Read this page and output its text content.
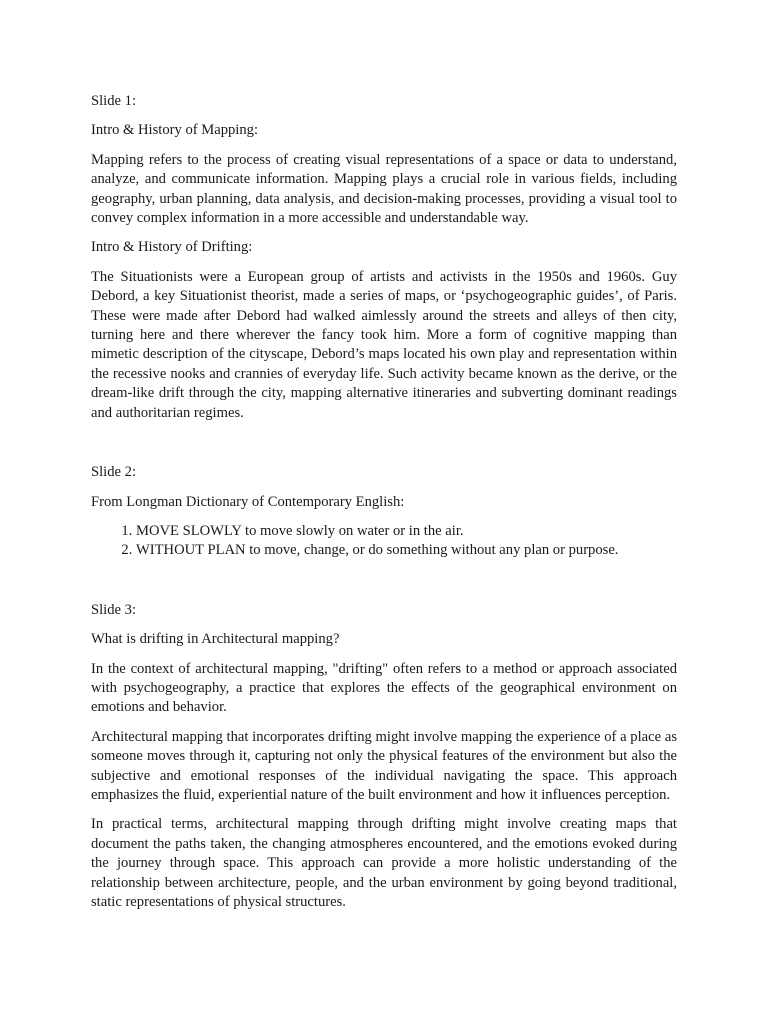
Slide 1:

Intro & History of Mapping:

Mapping refers to the process of creating visual representations of a space or data to understand, analyze, and communicate information. Mapping plays a crucial role in various fields, including geography, urban planning, data analysis, and decision-making processes, providing a visual tool to convey complex information in a more accessible and understandable way.

Intro & History of Drifting:

The Situationists were a European group of artists and activists in the 1950s and 1960s. Guy Debord, a key Situationist theorist, made a series of maps, or ‘psychogeographic guides’, of Paris. These were made after Debord had walked aimlessly around the streets and alleys of then city, turning here and there wherever the fancy took him. More a form of cognitive mapping than mimetic description of the cityscape, Debord’s maps located his own play and representation within the recessive nooks and crannies of everyday life. Such activity became known as the derive, or the dream-like drift through the city, mapping alternative itineraries and subverting dominant readings and authoritarian regimes.

Slide 2:

From Longman Dictionary of Contemporary English:

1. MOVE SLOWLY to move slowly on water or in the air.
2. WITHOUT PLAN to move, change, or do something without any plan or purpose.

Slide 3:

What is drifting in Architectural mapping?

In the context of architectural mapping, "drifting" often refers to a method or approach associated with psychogeography, a practice that explores the effects of the geographical environment on emotions and behavior.

Architectural mapping that incorporates drifting might involve mapping the experience of a place as someone moves through it, capturing not only the physical features of the environment but also the subjective and emotional responses of the individual navigating the space. This approach emphasizes the fluid, experiential nature of the built environment and how it influences perception.

In practical terms, architectural mapping through drifting might involve creating maps that document the paths taken, the changing atmospheres encountered, and the emotions evoked during the journey through space. This approach can provide a more holistic understanding of the relationship between architecture, people, and the urban environment by going beyond traditional, static representations of physical structures.
